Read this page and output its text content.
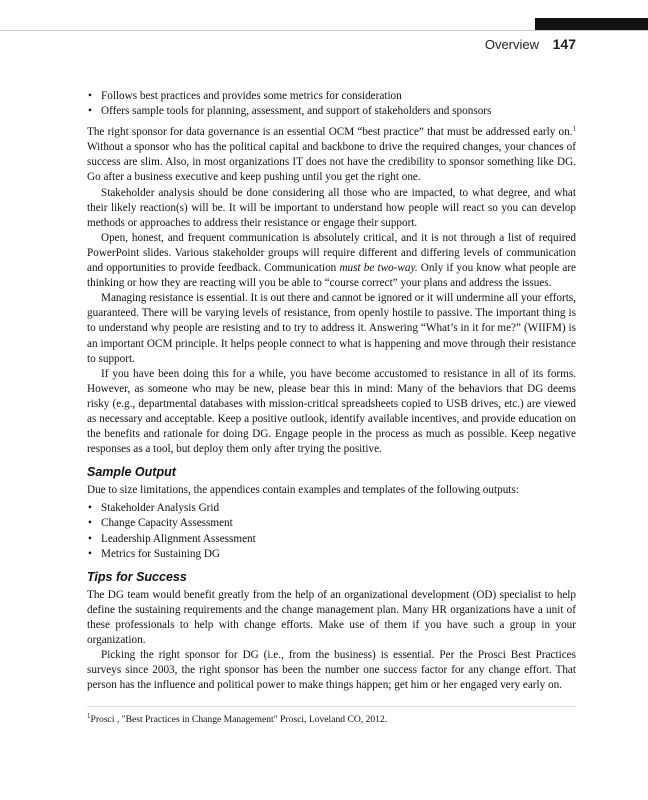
Overview 147
• Follows best practices and provides some metrics for consideration
• Offers sample tools for planning, assessment, and support of stakeholders and sponsors

The right sponsor for data governance is an essential OCM “best practice” that must be addressed early on.$^1$ Without a sponsor who has the political capital and backbone to drive the required changes, your chances of success are slim. Also, in most organizations IT does not have the credibility to sponsor something like DG. Go after a business executive and keep pushing until you get the right one.

Stakeholder analysis should be done considering all those who are impacted, to what degree, and what their likely reaction(s) will be. It will be important to understand how people will react so you can develop methods or approaches to address their resistance or engage their support.

Open, honest, and frequent communication is absolutely critical, and it is not through a list of required PowerPoint slides. Various stakeholder groups will require different and differing levels of communication and opportunities to provide feedback. Communication must be two-way. Only if you know what people are thinking or how they are reacting will you be able to “course correct” your plans and address the issues.

Managing resistance is essential. It is out there and cannot be ignored or it will undermine all your efforts, guaranteed. There will be varying levels of resistance, from openly hostile to passive. The important thing is to understand why people are resisting and to try to address it. Answering “What’s in it for me?” (WIIFM) is an important OCM principle. It helps people connect to what is happening and move through their resistance to support.

If you have been doing this for a while, you have become accustomed to resistance in all of its forms. However, as someone who may be new, please bear this in mind: Many of the behaviors that DG deems risky (e.g., departmental databases with mission-critical spreadsheets copied to USB drives, etc.) are viewed as necessary and acceptable. Keep a positive outlook, identify available incentives, and provide education on the benefits and rationale for doing DG. Engage people in the process as much as possible. Keep negative responses as a tool, but deploy them only after trying the positive.

Sample Output

Due to size limitations, the appendices contain examples and templates of the following outputs:

• Stakeholder Analysis Grid
• Change Capacity Assessment
• Leadership Alignment Assessment
• Metrics for Sustaining DG
Tips for Success

The DG team would benefit greatly from the help of an organizational development (OD) specialist to help define the sustaining requirements and the change management plan. Many HR organizations have a unit of these professionals to help with change efforts. Make use of them if you have such a group in your organization.

Picking the right sponsor for DG (i.e., from the business) is essential. Per the Prosci Best Practices surveys since 2003, the right sponsor has been the number one success factor for any change effort. That person has the influence and political power to make things happen; get him or her engaged very early on.

$^1$Prosci , "Best Practices in Change Management" Prosci, Loveland CO, 2012.
